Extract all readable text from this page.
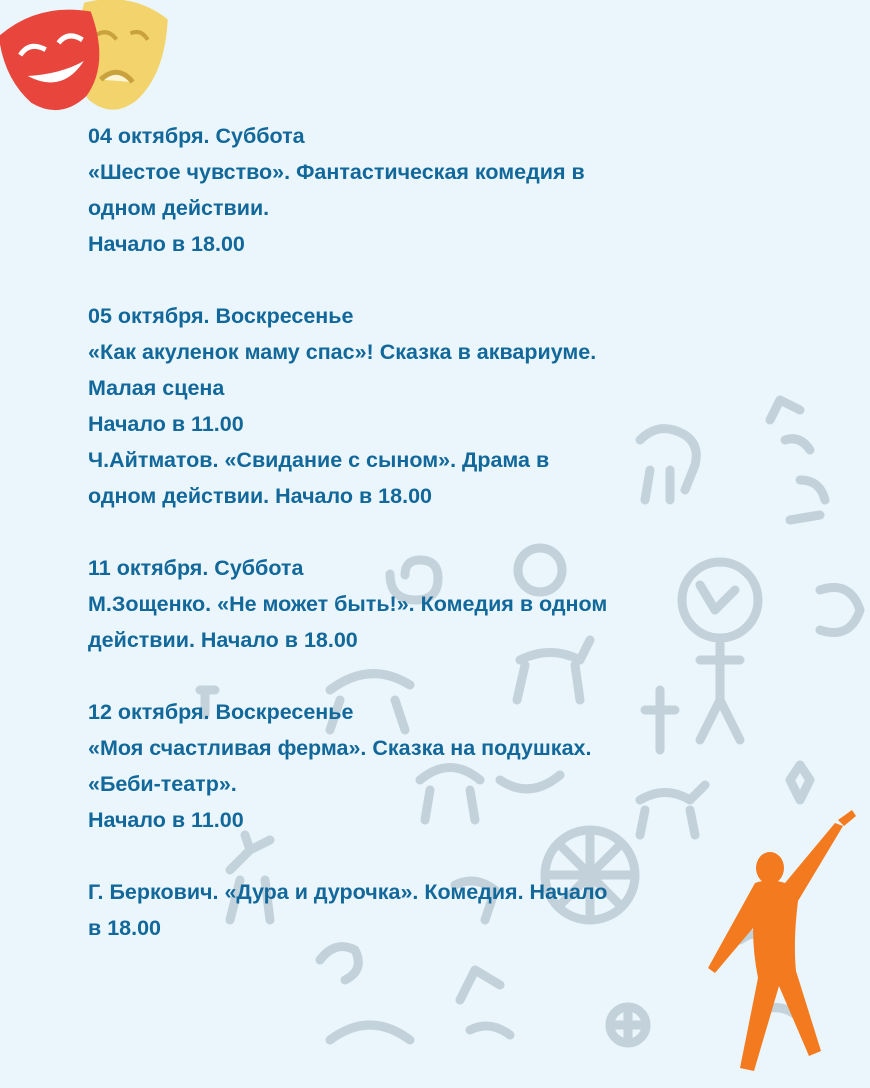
04 октября. Суббота
«Шестое чувство». Фантастическая комедия в
одном действии.
Начало в 18.00
05 октября. Воскресенье
«Как акуленок маму спас»! Сказка в аквариуме.
Малая сцена
Начало в 11.00
Ч.Айтматов. «Свидание с сыном». Драма в
одном действии. Начало в 18.00
11 октября. Суббота
М.Зощенко. «Не может быть!». Комедия в одном
действии. Начало в 18.00
12 октября. Воскресенье
«Моя счастливая ферма». Сказка на подушках.
«Беби-театр».
Начало в 11.00
Г. Беркович. «Дура и дурочка». Комедия. Начало
в 18.00
